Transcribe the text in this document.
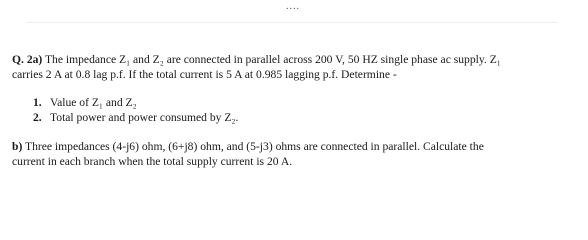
....

Q. 2a) The impedance Z₁ and Z₂ are connected in parallel across 200 V, 50 HZ single phase ac supply. Z₁
carries 2 A at 0.8 lag p.f. If the total current is 5 A at 0.985 lagging p.f. Determine -

1. Value of Z₁ and Z₂

2. Total power and power consumed by Z₂.

b) Three impedances (4-j6) ohm, (6+j8) ohm, and (5-j3) ohms are connected in parallel. Calculate the
current in each branch when the total supply current is 20 A.
